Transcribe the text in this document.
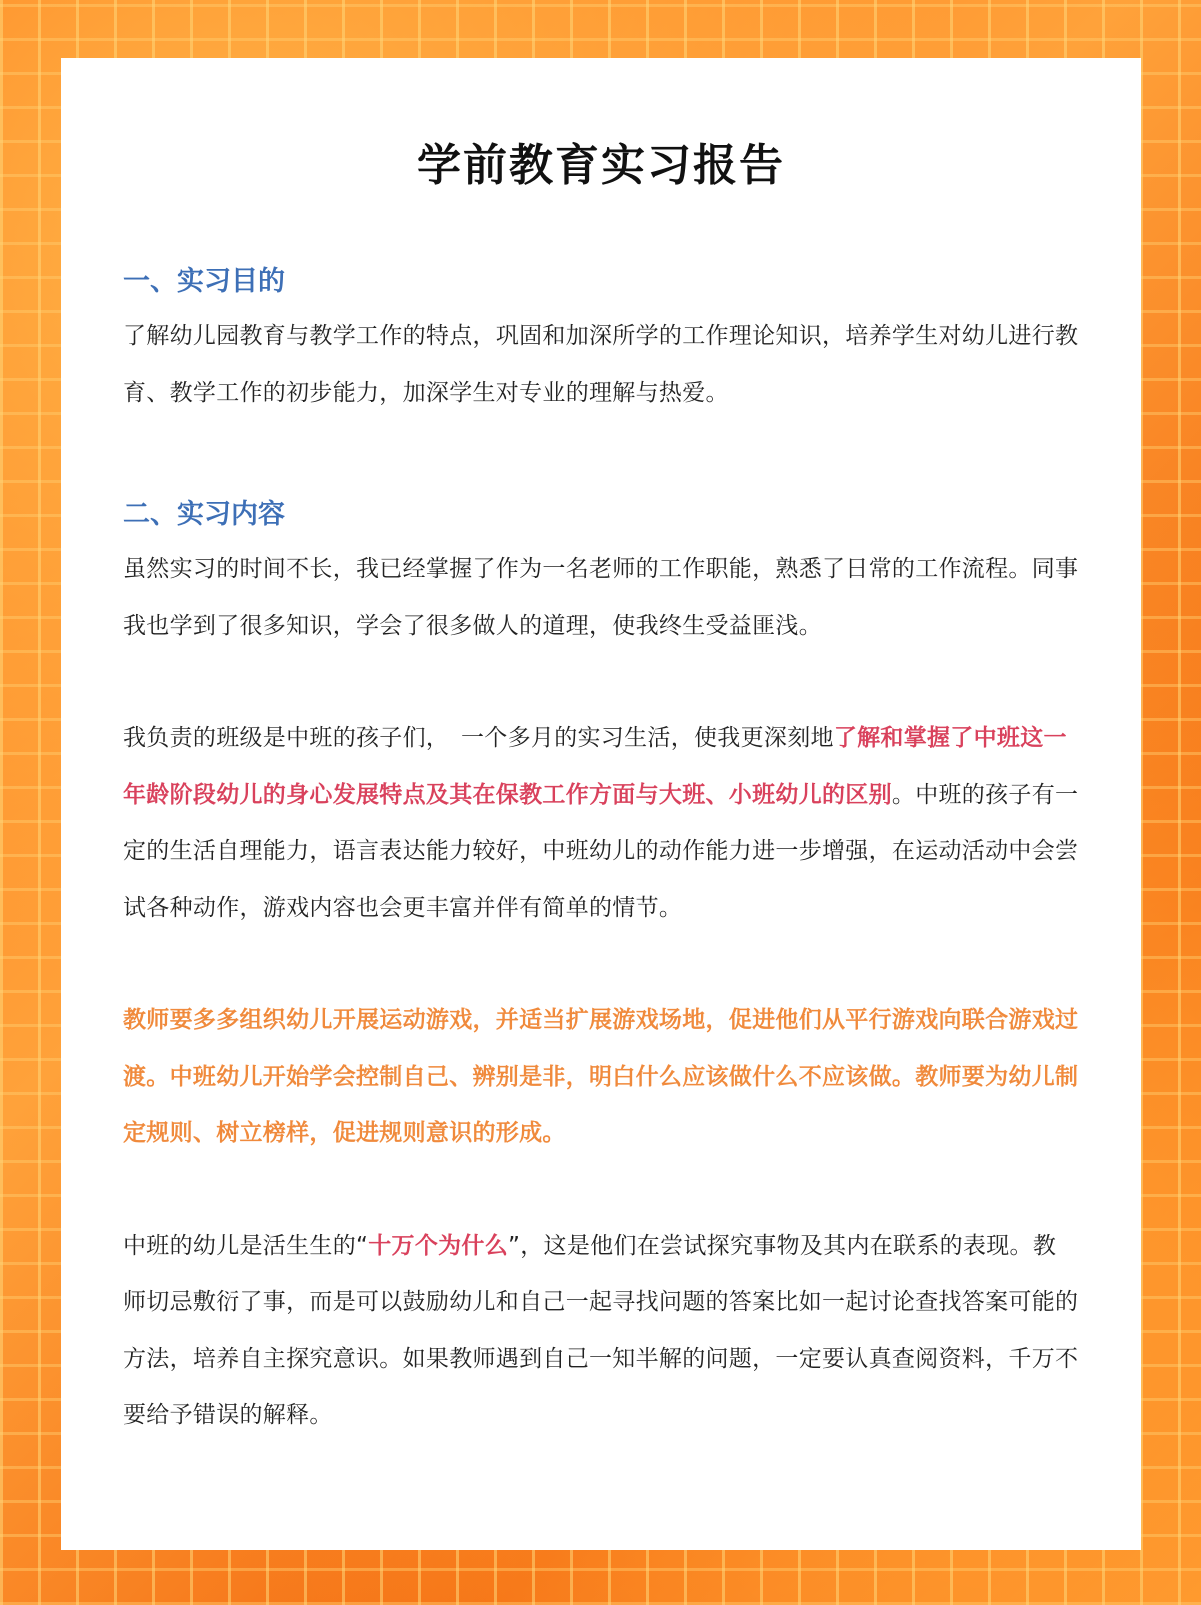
学前教育实习报告
一、实习目的

了解幼儿园教育与教学工作的特点，巩固和加深所学的工作理论知识，培养学生对幼儿进行教育、教学工作的初步能力，加深学生对专业的理解与热爱。

二、实习内容

虽然实习的时间不长，我已经掌握了作为一名老师的工作职能，熟悉了日常的工作流程。同事我也学到了很多知识，学会了很多做人的道理，使我终生受益匪浅。

我负责的班级是中班的孩子们，　一个多月的实习生活，使我更深刻地了解和掌握了中班这一年龄阶段幼儿的身心发展特点及其在保教工作方面与大班、小班幼儿的区别。中班的孩子有一定的生活自理能力，语言表达能力较好，中班幼儿的动作能力进一步增强，在运动活动中会尝试各种动作，游戏内容也会更丰富并伴有简单的情节。

教师要多多组织幼儿开展运动游戏，并适当扩展游戏场地，促进他们从平行游戏向联合游戏过渡。中班幼儿开始学会控制自己、辨别是非，明白什么应该做什么不应该做。教师要为幼儿制定规则、树立榜样，促进规则意识的形成。

中班的幼儿是活生生的“十万个为什么”，这是他们在尝试探究事物及其内在联系的表现。教师切忌敷衍了事，而是可以鼓励幼儿和自己一起寻找问题的答案比如一起讨论查找答案可能的方法，培养自主探究意识。如果教师遇到自己一知半解的问题，一定要认真查阅资料，千万不要给予错误的解释。
